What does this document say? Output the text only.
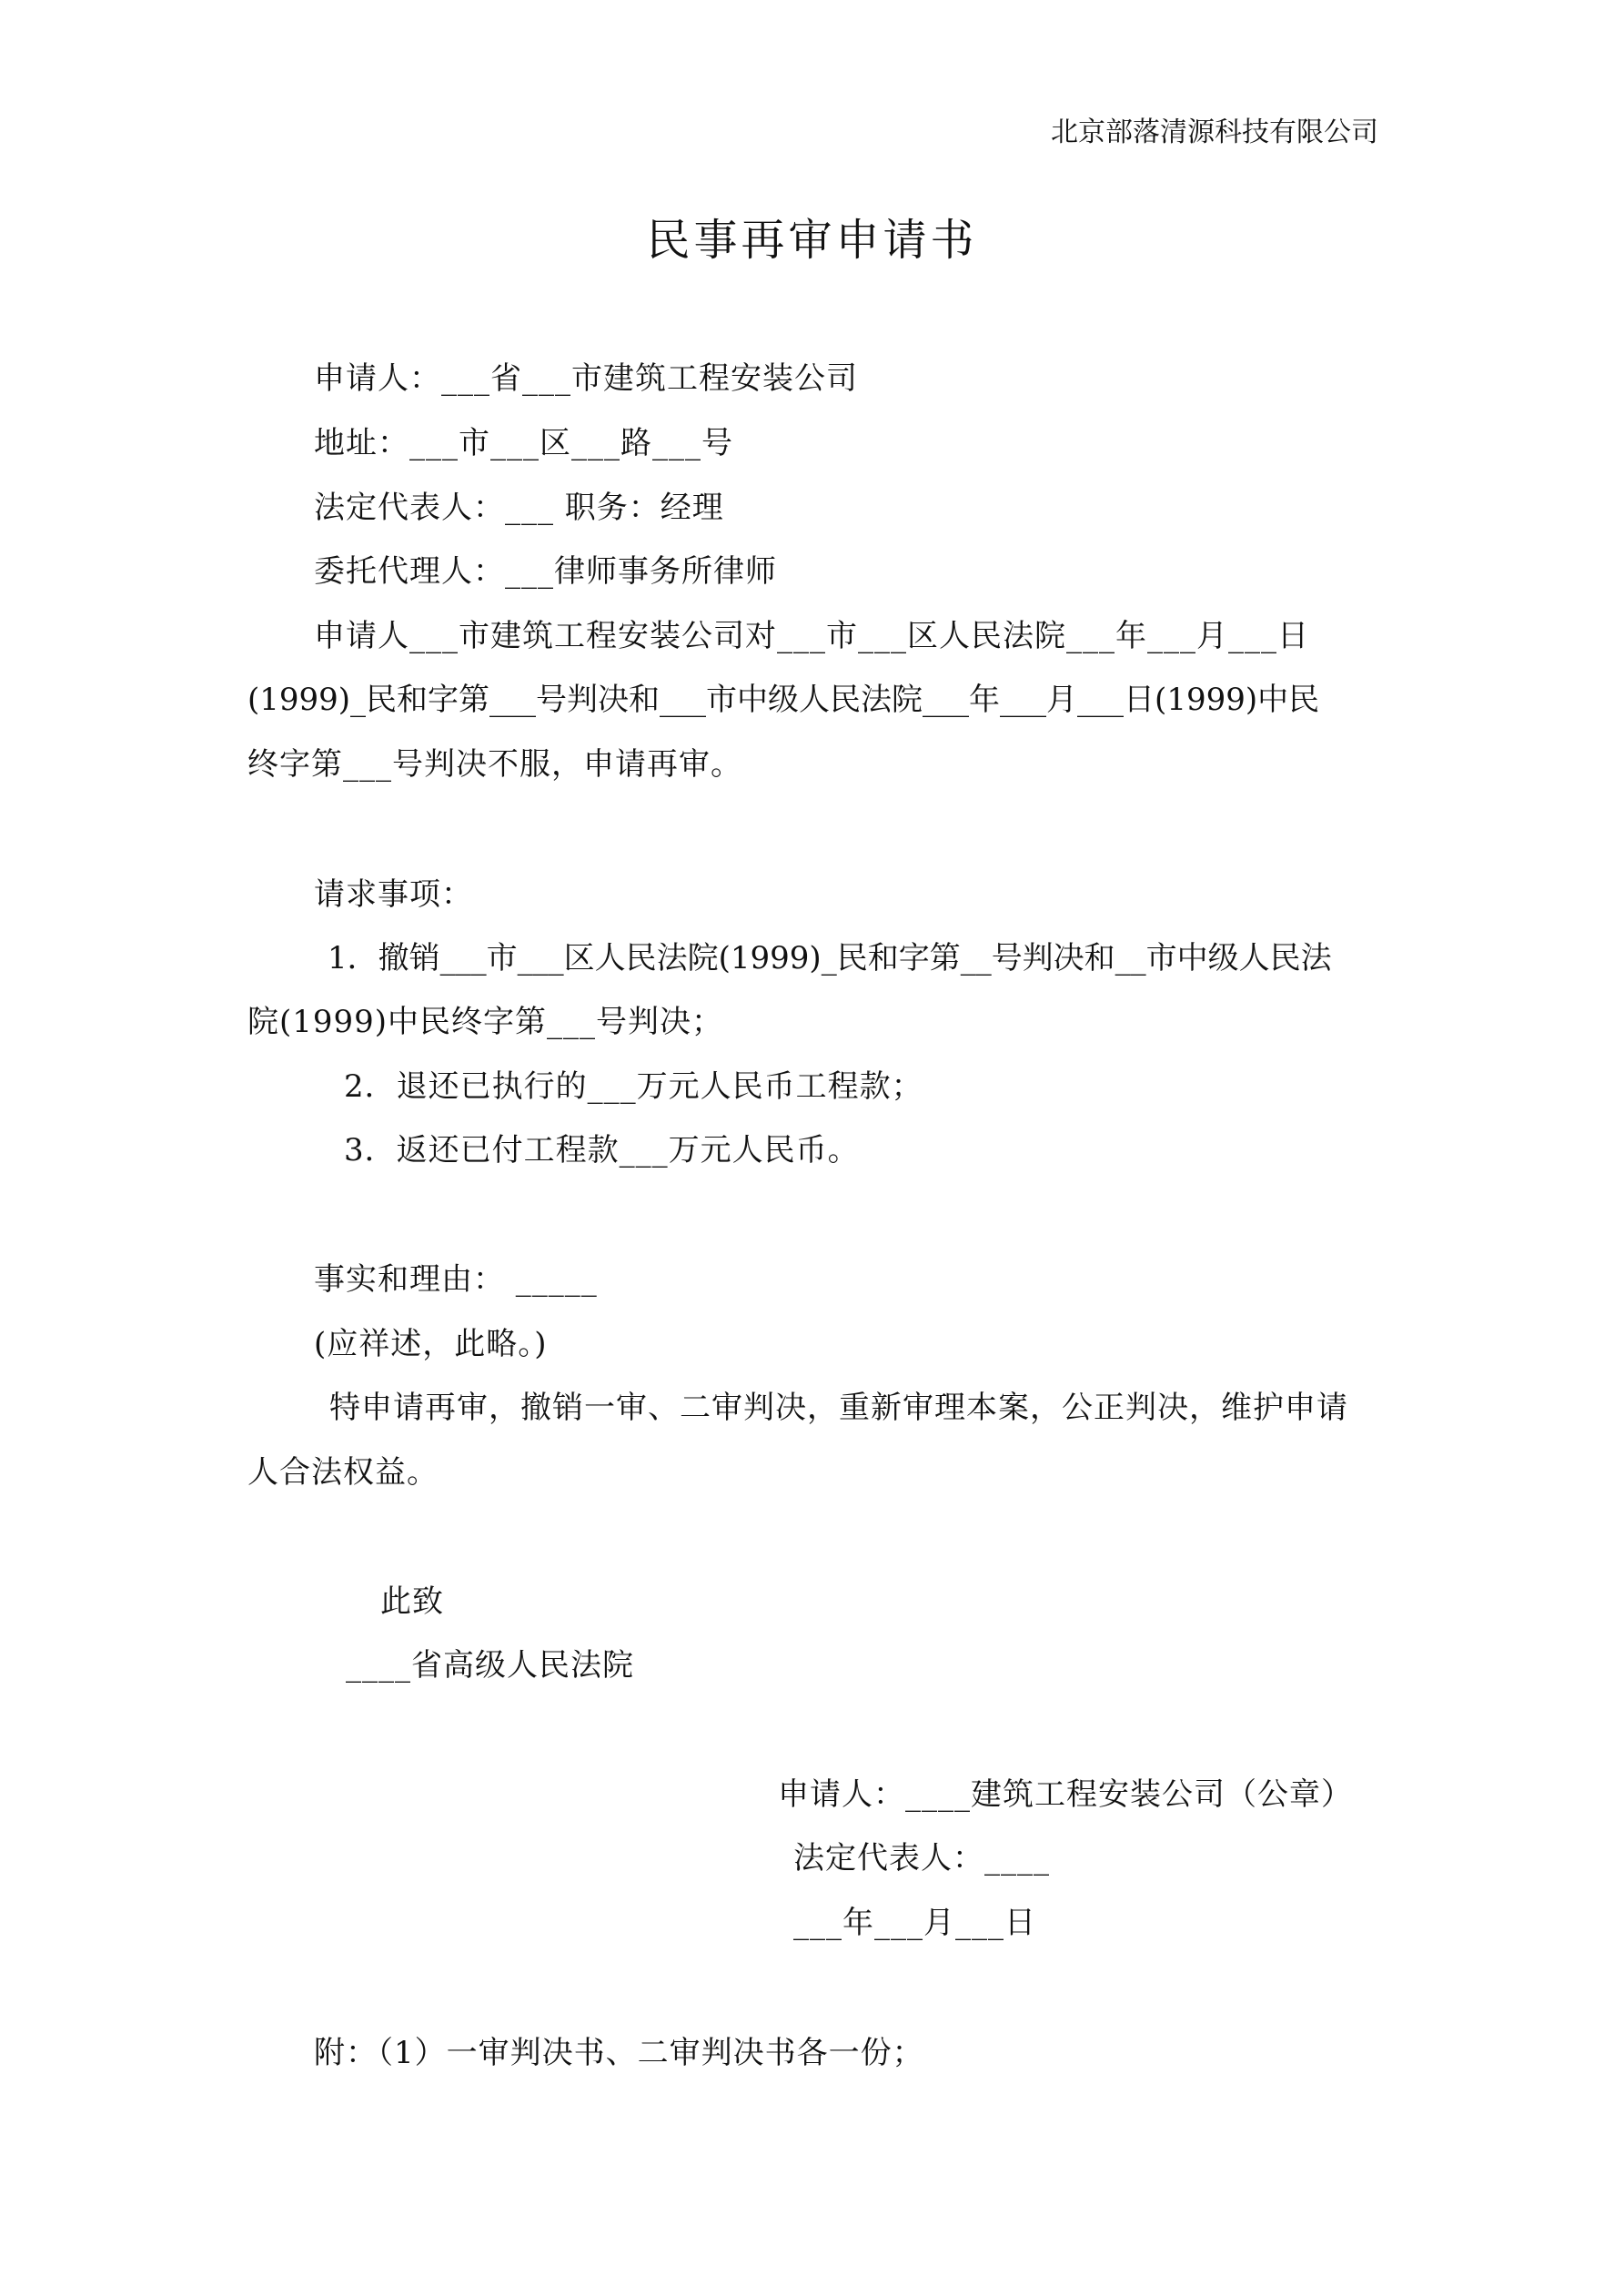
北京部落清源科技有限公司
民事再审申请书
申请人：___省___市建筑工程安装公司
地址：___市___区___路___号
法定代表人：___ 职务：经理
委托代理人：___律师事务所律师
申请人___市建筑工程安装公司对___市___区人民法院___年___月___日
(1999)_民和字第___号判决和___市中级人民法院___年___月___日(1999)中民
终字第___号判决不服，申请再审。
请求事项：
1．撤销___市___区人民法院(1999)_民和字第__号判决和__市中级人民法
院(1999)中民终字第___号判决；
2．退还已执行的___万元人民币工程款；
3．返还已付工程款___万元人民币。
事实和理由： _____
(应祥述，此略。)
特申请再审，撤销一审、二审判决，重新审理本案，公正判决，维护申请
人合法权益。
此致
____省高级人民法院
申请人：____建筑工程安装公司（公章）
法定代表人：____
___年___月___日
附：（1）一审判决书、二审判决书各一份；
